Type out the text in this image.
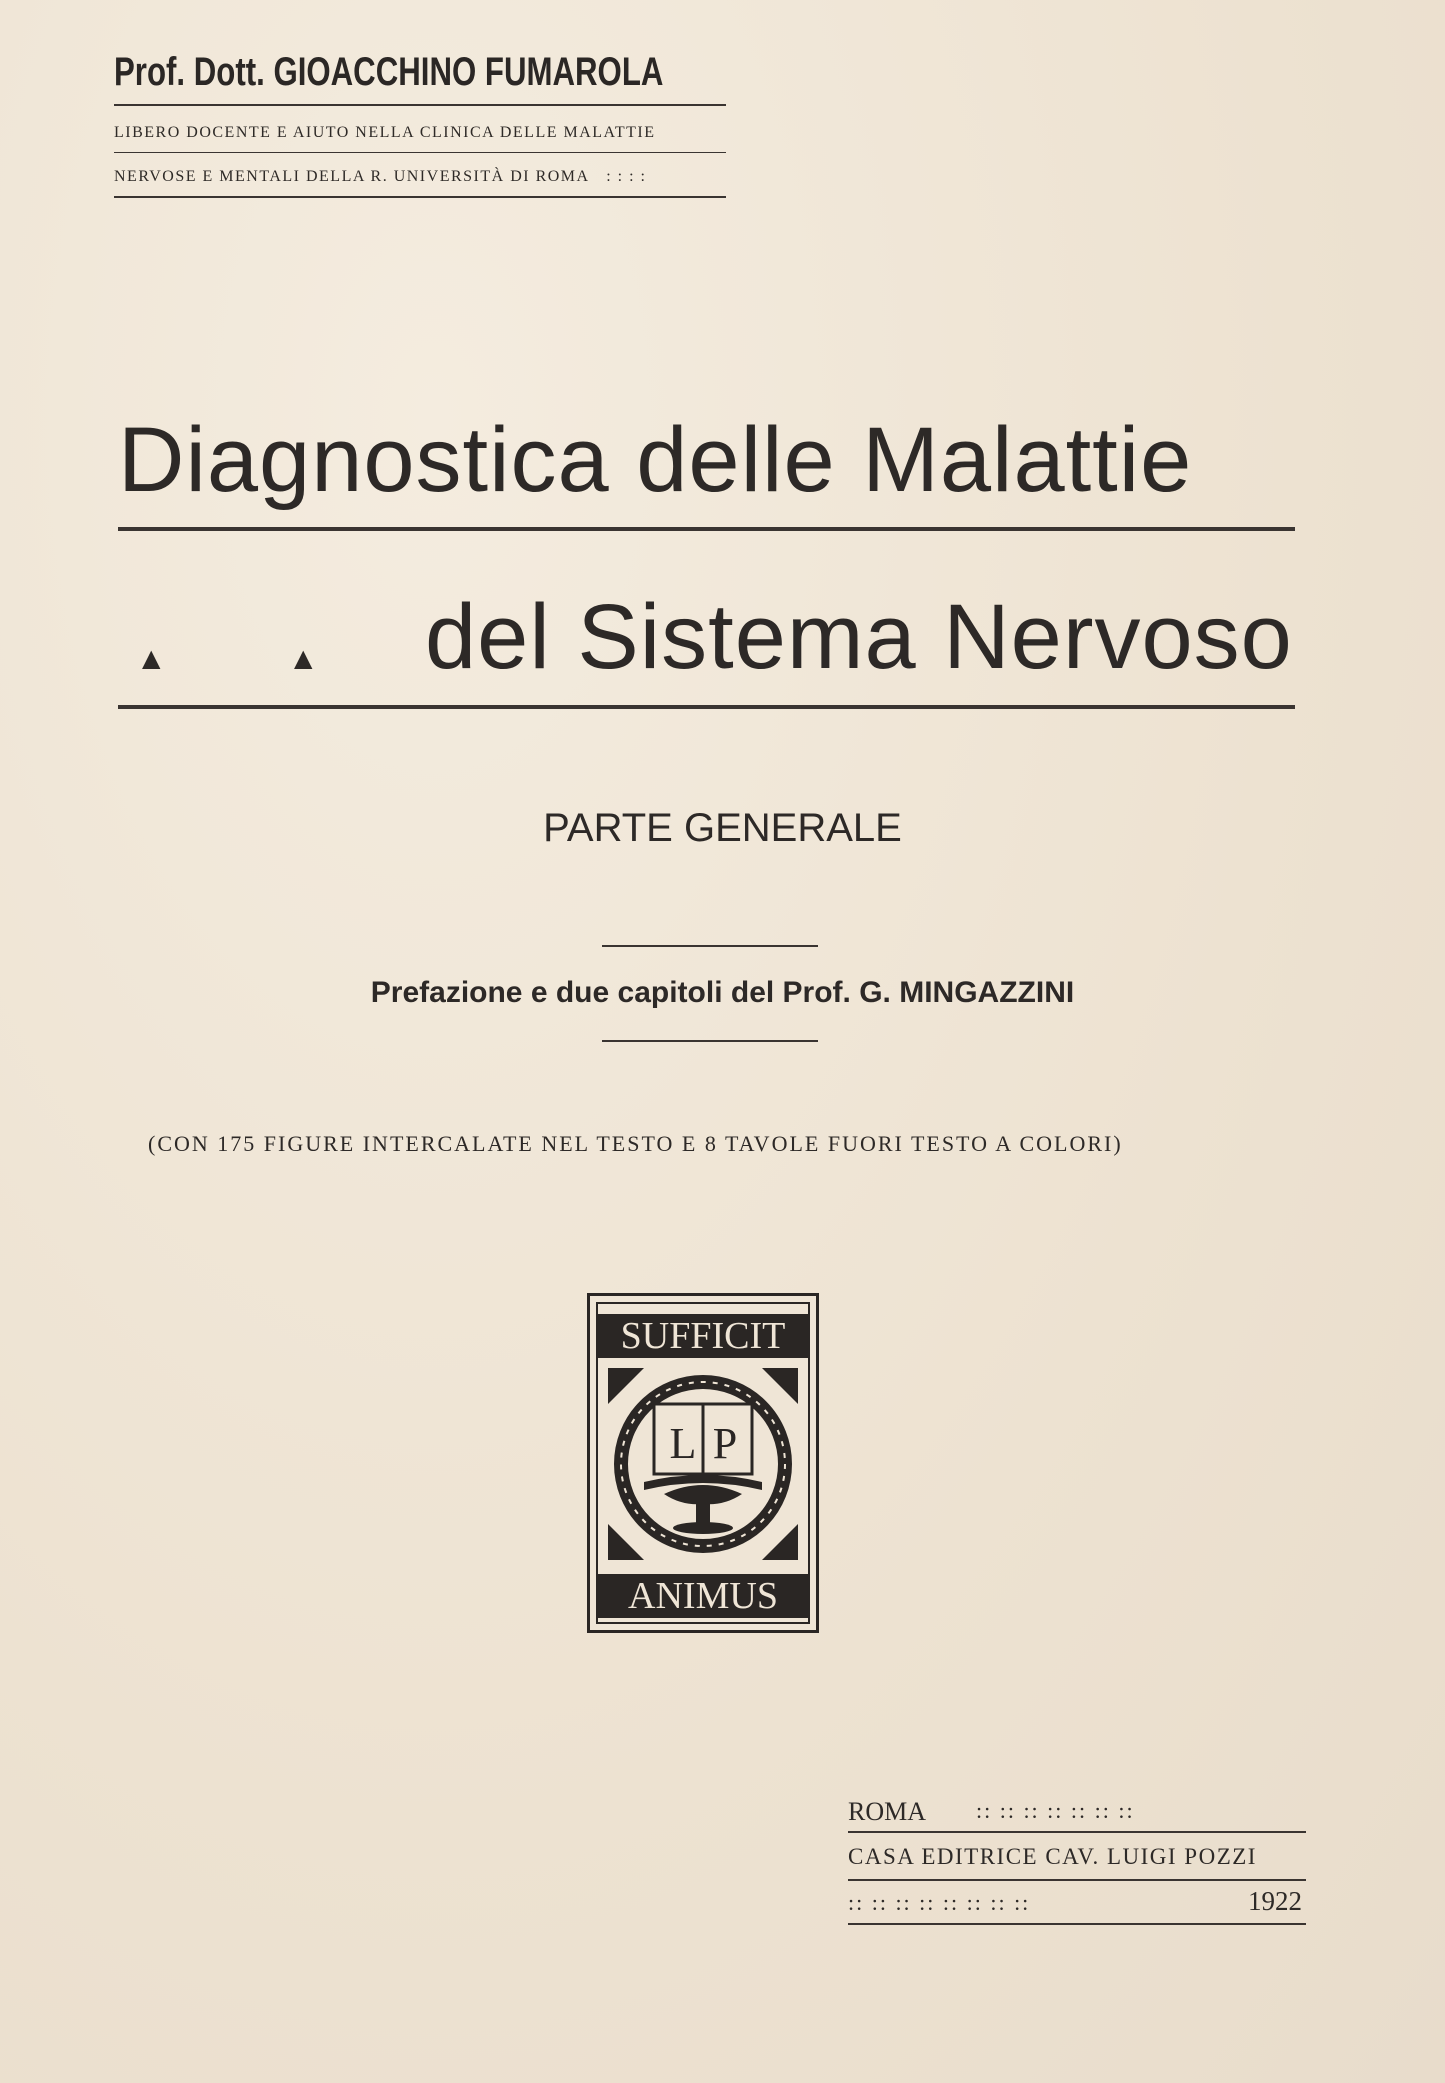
Prof. Dott. GIOACCHINO FUMAROLA
LIBERO DOCENTE E AIUTO NELLA CLINICA DELLE MALATTIE
NERVOSE E MENTALI DELLA R. UNIVERSITÀ DI ROMA : : : :
Diagnostica delle Malattie
▲	▲ del Sistema Nervoso
PARTE GENERALE
Prefazione e due capitoli del Prof. G. MINGAZZINI
(CON 175 FIGURE INTERCALATE NEL TESTO E 8 TAVOLE FUORI TESTO A COLORI)
SUFFICIT
L P
ANIMUS
ROMA :: :: :: :: :: :: ::
CASA EDITRICE CAV. LUIGI POZZI
:: :: :: :: :: :: :: ::	1922
